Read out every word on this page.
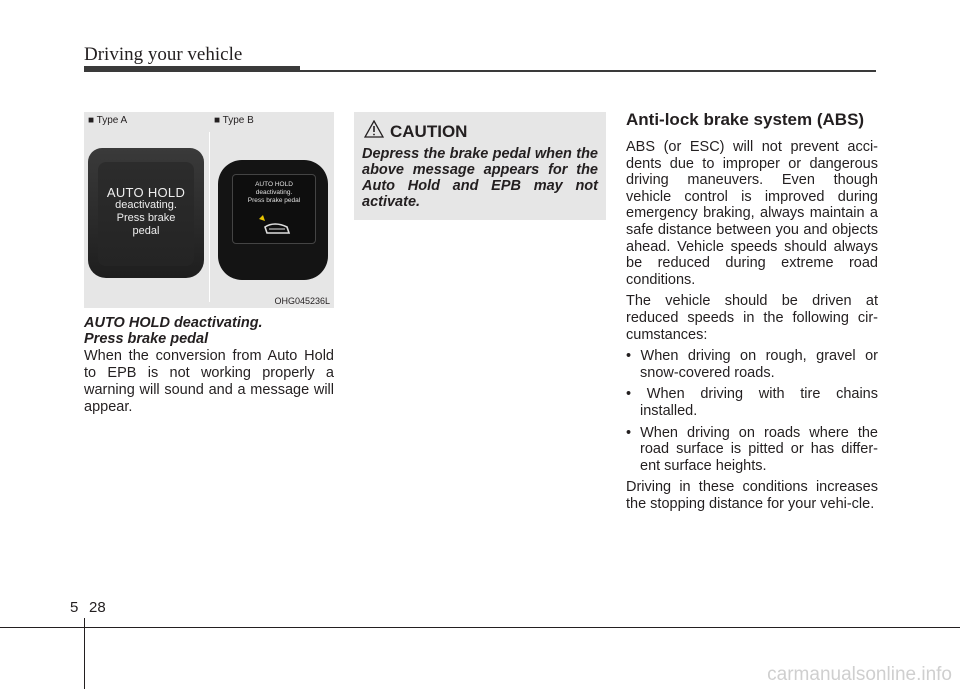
Driving your vehicle
■ Type A	■ Type B
AUTO HOLD
deactivating.
Press brake
pedal
AUTO HOLD
deactivating.
Press brake pedal
OHG045236L
AUTO HOLD deactivating.
Press brake pedal
When the conversion from Auto Hold to EPB is not working properly a warning will sound and a message will appear.
CAUTION
Depress the brake pedal when the above message appears for the Auto Hold and EPB may not activate.
Anti-lock brake system (ABS)

ABS (or ESC) will not prevent acci-dents due to improper or dangerous driving maneuvers. Even though vehicle control is improved during emergency braking, always maintain a safe distance between you and objects ahead. Vehicle speeds should always be reduced during extreme road conditions.

The vehicle should be driven at reduced speeds in the following cir-cumstances:

• When driving on rough, gravel or snow-covered roads.

• When driving with tire chains installed.

• When driving on roads where the road surface is pitted or has differ-ent surface heights.

Driving in these conditions increases the stopping distance for your vehi-cle.

5 28
carmanualsonline.info
